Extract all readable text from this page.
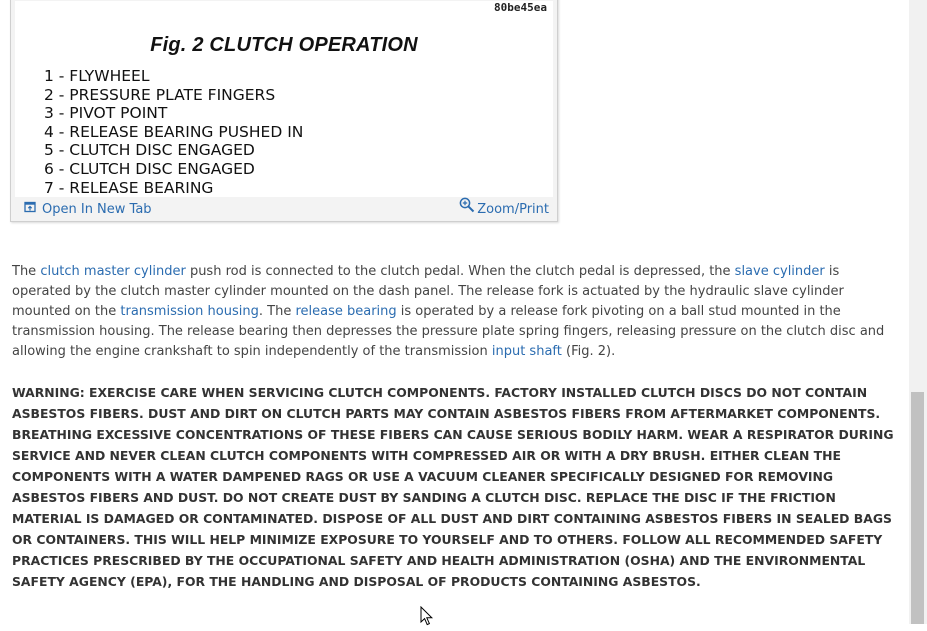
80be45ea
Fig. 2 CLUTCH OPERATION
1 - FLYWHEEL
2 - PRESSURE PLATE FINGERS
3 - PIVOT POINT
4 - RELEASE BEARING PUSHED IN
5 - CLUTCH DISC ENGAGED
6 - CLUTCH DISC ENGAGED
7 - RELEASE BEARING
Open In New Tab	Zoom/Print

The clutch master cylinder push rod is connected to the clutch pedal. When the clutch pedal is depressed, the slave cylinder is operated by the clutch master cylinder mounted on the dash panel. The release fork is actuated by the hydraulic slave cylinder mounted on the transmission housing. The release bearing is operated by a release fork pivoting on a ball stud mounted in the transmission housing. The release bearing then depresses the pressure plate spring fingers, releasing pressure on the clutch disc and allowing the engine crankshaft to spin independently of the transmission input shaft (Fig. 2).

WARNING: EXERCISE CARE WHEN SERVICING CLUTCH COMPONENTS. FACTORY INSTALLED CLUTCH DISCS DO NOT CONTAIN ASBESTOS FIBERS. DUST AND DIRT ON CLUTCH PARTS MAY CONTAIN ASBESTOS FIBERS FROM AFTERMARKET COMPONENTS. BREATHING EXCESSIVE CONCENTRATIONS OF THESE FIBERS CAN CAUSE SERIOUS BODILY HARM. WEAR A RESPIRATOR DURING SERVICE AND NEVER CLEAN CLUTCH COMPONENTS WITH COMPRESSED AIR OR WITH A DRY BRUSH. EITHER CLEAN THE COMPONENTS WITH A WATER DAMPENED RAGS OR USE A VACUUM CLEANER SPECIFICALLY DESIGNED FOR REMOVING ASBESTOS FIBERS AND DUST. DO NOT CREATE DUST BY SANDING A CLUTCH DISC. REPLACE THE DISC IF THE FRICTION MATERIAL IS DAMAGED OR CONTAMINATED. DISPOSE OF ALL DUST AND DIRT CONTAINING ASBESTOS FIBERS IN SEALED BAGS OR CONTAINERS. THIS WILL HELP MINIMIZE EXPOSURE TO YOURSELF AND TO OTHERS. FOLLOW ALL RECOMMENDED SAFETY PRACTICES PRESCRIBED BY THE OCCUPATIONAL SAFETY AND HEALTH ADMINISTRATION (OSHA) AND THE ENVIRONMENTAL SAFETY AGENCY (EPA), FOR THE HANDLING AND DISPOSAL OF PRODUCTS CONTAINING ASBESTOS.
